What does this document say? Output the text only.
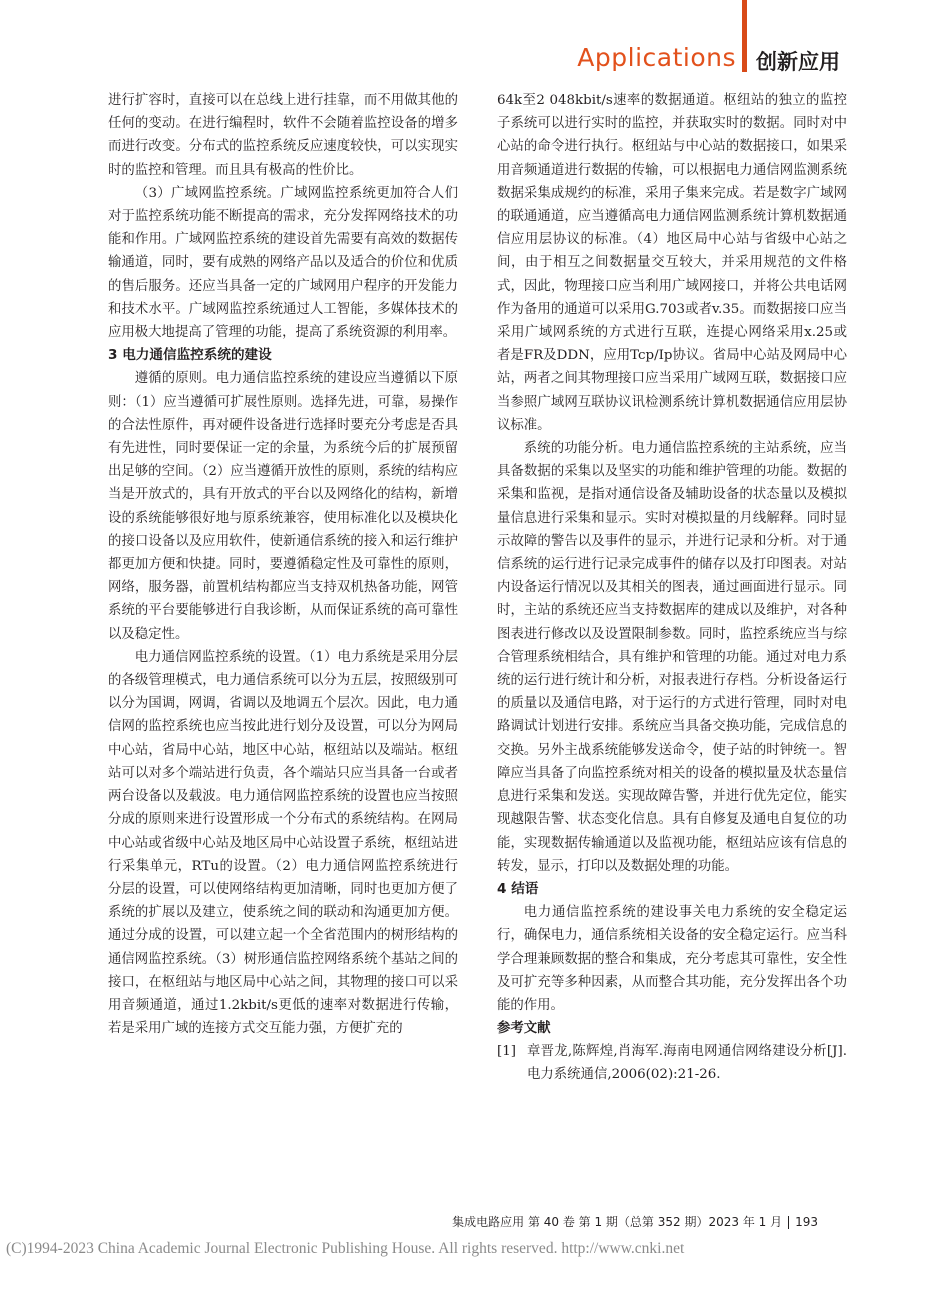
Applications 创新应用

进行扩容时，直接可以在总线上进行挂靠，而不用做其他的任何的变动。在进行编程时，软件不会随着监控设备的增多而进行改变。分布式的监控系统反应速度较快，可以实现实时的监控和管理。而且具有极高的性价比。

（3）广域网监控系统。广域网监控系统更加符合人们对于监控系统功能不断提高的需求，充分发挥网络技术的功能和作用。广域网监控系统的建设首先需要有高效的数据传输通道，同时，要有成熟的网络产品以及适合的价位和优质的售后服务。还应当具备一定的广域网用户程序的开发能力和技术水平。广域网监控系统通过人工智能，多媒体技术的应用极大地提高了管理的功能，提高了系统资源的利用率。

3 电力通信监控系统的建设

遵循的原则。电力通信监控系统的建设应当遵循以下原则：（1）应当遵循可扩展性原则。选择先进，可靠，易操作的合法性原件，再对硬件设备进行选择时要充分考虑是否具有先进性，同时要保证一定的余量，为系统今后的扩展预留出足够的空间。（2）应当遵循开放性的原则，系统的结构应当是开放式的，具有开放式的平台以及网络化的结构，新增设的系统能够很好地与原系统兼容，使用标准化以及模块化的接口设备以及应用软件，使新通信系统的接入和运行维护都更加方便和快捷。同时，要遵循稳定性及可靠性的原则，网络，服务器，前置机结构都应当支持双机热备功能，网管系统的平台要能够进行自我诊断，从而保证系统的高可靠性以及稳定性。

电力通信网监控系统的设置。（1）电力系统是采用分层的各级管理模式，电力通信系统可以分为五层，按照级别可以分为国调，网调，省调以及地调五个层次。因此，电力通信网的监控系统也应当按此进行划分及设置，可以分为网局中心站，省局中心站，地区中心站，枢纽站以及端站。枢纽站可以对多个端站进行负责，各个端站只应当具备一台或者两台设备以及载波。电力通信网监控系统的设置也应当按照分成的原则来进行设置形成一个分布式的系统结构。在网局中心站或省级中心站及地区局中心站设置子系统，枢纽站进行采集单元，RTu的设置。（2）电力通信网监控系统进行分层的设置，可以使网络结构更加清晰，同时也更加方便了系统的扩展以及建立，使系统之间的联动和沟通更加方便。通过分成的设置，可以建立起一个全省范围内的树形结构的通信网监控系统。（3）树形通信监控网络系统个基站之间的接口，在枢纽站与地区局中心站之间，其物理的接口可以采用音频通道，通过1.2kbit/s更低的速率对数据进行传输，若是采用广域的连接方式交互能力强，方便扩充的

64k至2 048kbit/s速率的数据通道。枢纽站的独立的监控子系统可以进行实时的监控，并获取实时的数据。同时对中心站的命令进行执行。枢纽站与中心站的数据接口，如果采用音频通道进行数据的传输，可以根据电力通信网监测系统数据采集成规约的标准，采用子集来完成。若是数字广域网的联通通道，应当遵循高电力通信网监测系统计算机数据通信应用层协议的标准。（4）地区局中心站与省级中心站之间，由于相互之间数据量交互较大，并采用规范的文件格式，因此，物理接口应当利用广域网接口，并将公共电话网作为备用的通道可以采用G.703或者v.35。而数据接口应当采用广域网系统的方式进行互联，连提心网络采用x.25或者是FR及DDN，应用Tcp/Ip协议。省局中心站及网局中心站，两者之间其物理接口应当采用广域网互联，数据接口应当参照广域网互联协议讯检测系统计算机数据通信应用层协议标准。

系统的功能分析。电力通信监控系统的主站系统，应当具备数据的采集以及坚实的功能和维护管理的功能。数据的采集和监视，是指对通信设备及辅助设备的状态量以及模拟量信息进行采集和显示。实时对模拟量的月线解释。同时显示故障的警告以及事件的显示，并进行记录和分析。对于通信系统的运行进行记录完成事件的储存以及打印图表。对站内设备运行情况以及其相关的图表，通过画面进行显示。同时，主站的系统还应当支持数据库的建成以及维护，对各种图表进行修改以及设置限制参数。同时，监控系统应当与综合管理系统相结合，具有维护和管理的功能。通过对电力系统的运行进行统计和分析，对报表进行存档。分析设备运行的质量以及通信电路，对于运行的方式进行管理，同时对电路调试计划进行安排。系统应当具备交换功能，完成信息的交换。另外主战系统能够发送命令，使子站的时钟统一。智障应当具备了向监控系统对相关的设备的模拟量及状态量信息进行采集和发送。实现故障告警，并进行优先定位，能实现越限告警、状态变化信息。具有自修复及通电自复位的功能，实现数据传输通道以及监视功能，枢纽站应该有信息的转发，显示，打印以及数据处理的功能。

4 结语

电力通信监控系统的建设事关电力系统的安全稳定运行，确保电力，通信系统相关设备的安全稳定运行。应当科学合理兼顾数据的整合和集成，充分考虑其可靠性，安全性及可扩充等多种因素，从而整合其功能，充分发挥出各个功能的作用。

参考文献
[1] 章晋龙,陈辉煌,肖海军.海南电网通信网络建设分析[J].电力系统通信,2006(02):21-26.
集成电路应用 第 40 卷 第 1 期（总第 352 期）2023 年 1 月 193
(C)1994-2023 China Academic Journal Electronic Publishing House. All rights reserved. http://www.cnki.net
